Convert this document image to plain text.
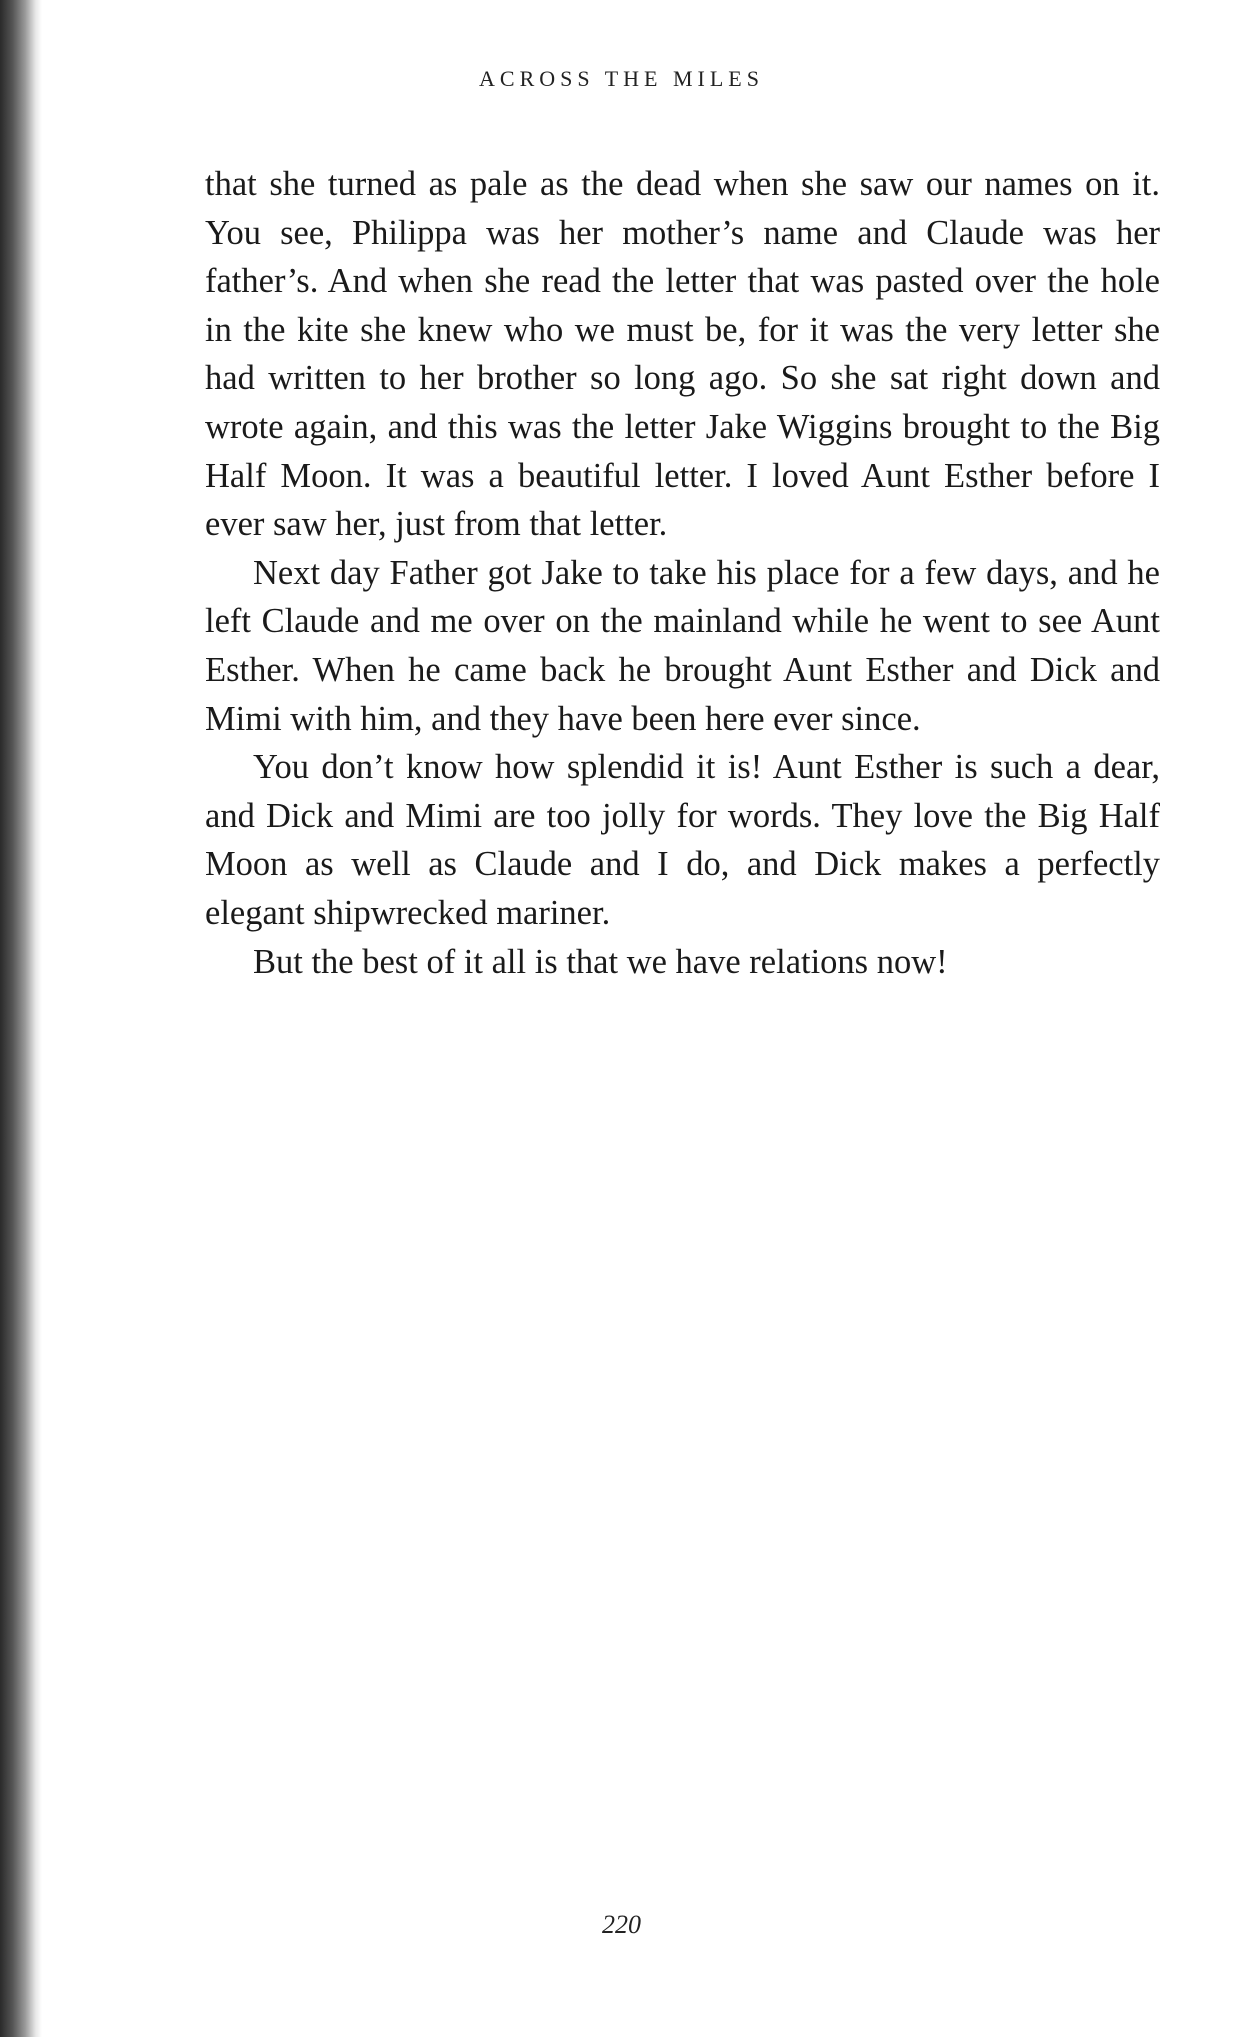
ACROSS THE MILES

that she turned as pale as the dead when she saw our names on it. You see, Philippa was her mother’s name and Claude was her father’s. And when she read the letter that was pasted over the hole in the kite she knew who we must be, for it was the very letter she had written to her brother so long ago. So she sat right down and wrote again, and this was the letter Jake Wiggins brought to the Big Half Moon. It was a beautiful letter. I loved Aunt Esther before I ever saw her, just from that letter.

Next day Father got Jake to take his place for a few days, and he left Claude and me over on the mainland while he went to see Aunt Esther. When he came back he brought Aunt Esther and Dick and Mimi with him, and they have been here ever since.

You don’t know how splendid it is! Aunt Esther is such a dear, and Dick and Mimi are too jolly for words. They love the Big Half Moon as well as Claude and I do, and Dick makes a perfectly elegant shipwrecked mariner.

But the best of it all is that we have relations now!

220
